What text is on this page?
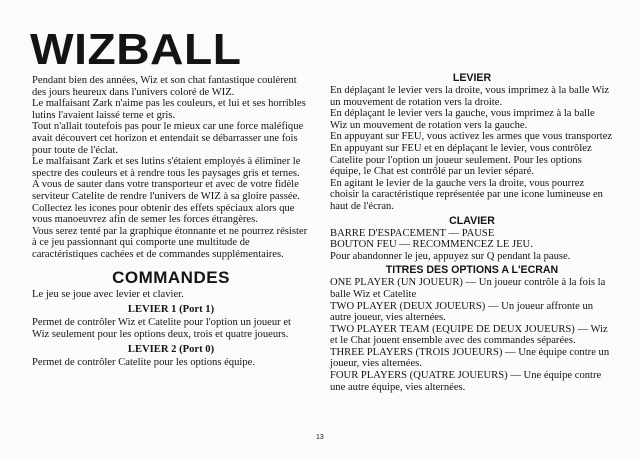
WIZBALL

Pendant bien des années, Wiz et son chat fantastique coulèrent des jours heureux dans l'univers coloré de WIZ.

Le malfaisant Zark n'aime pas les couleurs, et lui et ses horribles lutins l'avaient laissé terne et gris.

Tout n'allait toutefois pas pour le mieux car une force maléfique avait découvert cet horizon et entendait se débarrasser une fois pour toute de l'éclat.

Le malfaisant Zark et ses lutins s'étaient employés à éliminer le spectre des couleurs et à rendre tous les paysages gris et ternes.

A vous de sauter dans votre transporteur et avec de votre fidèle serviteur Catelite de rendre l'univers de WIZ à sa gloire passée.

Collectez les icones pour obtenir des effets spéciaux alors que vous manoeuvrez afin de semer les forces étrangères.

Vous serez tenté par la graphique étonnante et ne pourrez résister à ce jeu passionnant qui comporte une multitude de caractéristiques cachées et de commandes supplémentaires.

COMMANDES

Le jeu se joue avec levier et clavier.

LEVIER 1 (Port 1)

Permet de contrôler Wiz et Catelite pour l'option un joueur et Wiz seulement pour les options deux, trois et quatre joueurs.

LEVIER 2 (Port 0)

Permet de contrôler Catelite pour les options équipe.

LEVIER

En déplaçant le levier vers la droite, vous imprimez à la balle Wiz un mouvement de rotation vers la droite.

En déplaçant le levier vers la gauche, vous imprimez à la balle Wiz un mouvement de rotation vers la gauche.

En appuyant sur FEU, vous activez les armes que vous transportez

En appuyant sur FEU et en déplaçant le levier, vous contrôlez Catelite pour l'option un joueur seulement. Pour les options équipe, le Chat est contrôlé par un levier séparé.

En agitant le levier de la gauche vers la droite, vous pourrez choisir la caractéristique représentée par une icone lumineuse en haut de l'écran.

CLAVIER

BARRE D'ESPACEMENT — PAUSE

BOUTON FEU — RECOMMENCEZ LE JEU.

Pour abandonner le jeu, appuyez sur Q pendant la pause.

TITRES DES OPTIONS A L'ECRAN

ONE PLAYER (UN JOUEUR) — Un joueur contrôle à la fois la balle Wiz et Catelite

TWO PLAYER (DEUX JOUEURS) — Un joueur affronte un autre joueur, vies alternées.

TWO PLAYER TEAM (EQUIPE DE DEUX JOUEURS) — Wiz et le Chat jouent ensemble avec des commandes séparées.

THREE PLAYERS (TROIS JOUEURS) — Une équipe contre un joueur, vies alternées.

FOUR PLAYERS (QUATRE JOUEURS) — Une équipe contre une autre équipe, vies alternées.

13
